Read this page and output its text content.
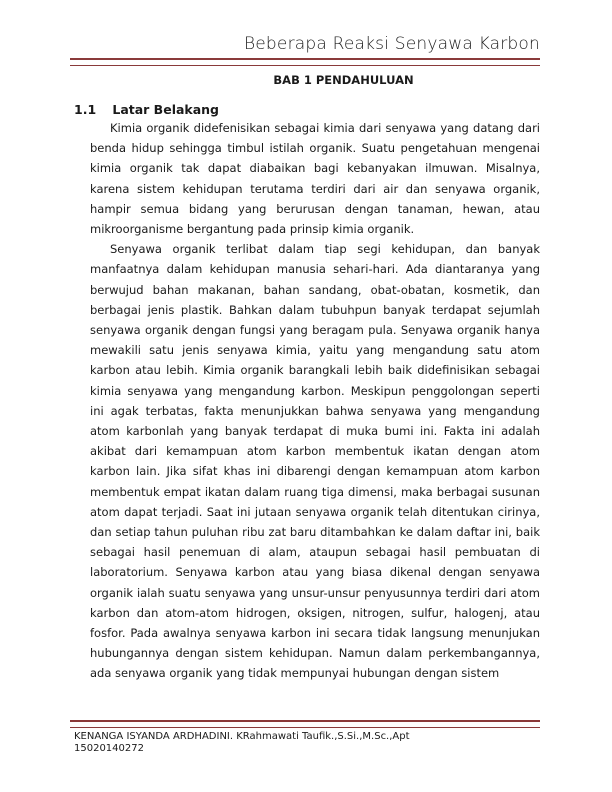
Beberapa Reaksi Senyawa Karbon
BAB 1 PENDAHULUAN
1.1 Latar Belakang

Kimia organik didefenisikan sebagai kimia dari senyawa yang datang dari benda hidup sehingga timbul istilah organik. Suatu pengetahuan mengenai kimia organik tak dapat diabaikan bagi kebanyakan ilmuwan. Misalnya, karena sistem kehidupan terutama terdiri dari air dan senyawa organik, hampir semua bidang yang berurusan dengan tanaman, hewan, atau mikroorganisme bergantung pada prinsip kimia organik.

Senyawa organik terlibat dalam tiap segi kehidupan, dan banyak manfaatnya dalam kehidupan manusia sehari-hari. Ada diantaranya yang berwujud bahan makanan, bahan sandang, obat-obatan, kosmetik, dan berbagai jenis plastik. Bahkan dalam tubuhpun banyak terdapat sejumlah senyawa organik dengan fungsi yang beragam pula. Senyawa organik hanya mewakili satu jenis senyawa kimia, yaitu yang mengandung satu atom karbon atau lebih. Kimia organik barangkali lebih baik didefinisikan sebagai kimia senyawa yang mengandung karbon. Meskipun penggolongan seperti ini agak terbatas, fakta menunjukkan bahwa senyawa yang mengandung atom karbonlah yang banyak terdapat di muka bumi ini. Fakta ini adalah akibat dari kemampuan atom karbon membentuk ikatan dengan atom karbon lain. Jika sifat khas ini dibarengi dengan kemampuan atom karbon membentuk empat ikatan dalam ruang tiga dimensi, maka berbagai susunan atom dapat terjadi. Saat ini jutaan senyawa organik telah ditentukan cirinya, dan setiap tahun puluhan ribu zat baru ditambahkan ke dalam daftar ini, baik sebagai hasil penemuan di alam, ataupun sebagai hasil pembuatan di laboratorium. Senyawa karbon atau yang biasa dikenal dengan senyawa organik ialah suatu senyawa yang unsur-unsur penyusunnya terdiri dari atom karbon dan atom-atom hidrogen, oksigen, nitrogen, sulfur, halogenj, atau fosfor. Pada awalnya senyawa karbon ini secara tidak langsung menunjukan hubungannya dengan sistem kehidupan. Namun dalam perkembangannya, ada senyawa organik yang tidak mempunyai hubungan dengan sistem

KENANGA ISYANDA ARDHADINI. KRahmawati Taufik.,S.Si.,M.Sc.,Apt
15020140272
